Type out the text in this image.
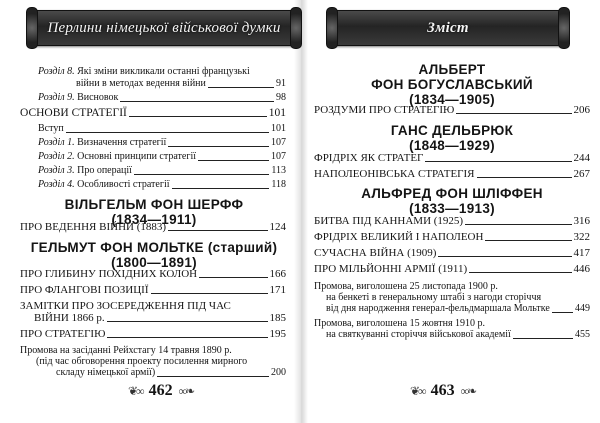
Перлини німецької військової думки
Розділ 8. Які зміни викликали останні французькі
війни в методах ведення війни	91
Розділ 9. Висновок	98
ОСНОВИ СТРАТЕГІЇ	101
Вступ	101
Розділ 1. Визначення стратегії	107
Розділ 2. Основні принципи стратегії	107
Розділ 3. Про операції	113
Розділ 4. Особливості стратегії	118
ВІЛЬГЕЛЬМ ФОН ШЕРФФ
(1834—1911)
ПРО ВЕДЕННЯ ВІЙНИ (1883)	124
ГЕЛЬМУТ ФОН МОЛЬТКЕ (старший)
(1800—1891)
ПРО ГЛИБИНУ ПОХІДНИХ КОЛОН	166
ПРО ФЛАНГОВІ ПОЗИЦІЇ	171
ЗАМІТКИ ПРО ЗОСЕРЕДЖЕННЯ ПІД ЧАС
ВІЙНИ 1866 р.	185
ПРО СТРАТЕГІЮ	195
Промова на засіданні Рейхстагу 14 травня 1890 р.
(під час обговорення проекту посилення мирного
складу німецької армії)	200
❦∞ 462 ∞❧
Зміст
АЛЬБЕРТ
ФОН БОГУСЛАВСЬКИЙ
(1834—1905)
РОЗДУМИ ПРО СТРАТЕГІЮ	206
ГАНС ДЕЛЬБРЮК
(1848—1929)
ФРІДРІХ ЯК СТРАТЕГ	244
НАПОЛЕОНІВСЬКА СТРАТЕГІЯ	267
АЛЬФРЕД ФОН ШЛІФФЕН
(1833—1913)
БИТВА ПІД КАННАМИ (1925)	316
ФРІДРІХ ВЕЛИКИЙ І НАПОЛЕОН	322
СУЧАСНА ВІЙНА (1909)	417
ПРО МІЛЬЙОННІ АРМІЇ (1911)	446
Промова, виголошена 25 листопада 1900 р.
на бенкеті в генеральному штабі з нагоди сторіччя
від дня народження генерал-фельдмаршала Мольтке	449
Промова, виголошена 15 жовтня 1910 р.
на святкуванні сторіччя військової академії	455
❦∞ 463 ∞❧
